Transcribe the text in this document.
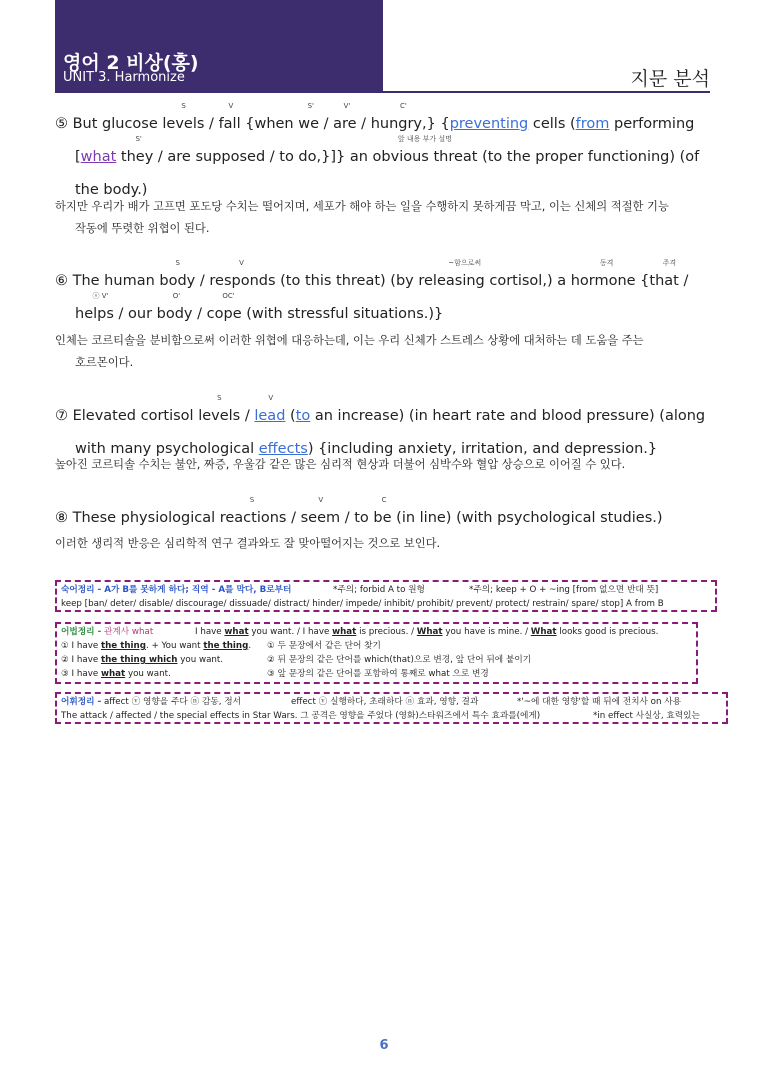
영어 2 비상(홍)
UNIT 3. Harmonize	지문 분석
⑤ But glucose
S
levels /
V
fall {when
S'
we /
V'
are /
C'
hungry,} {preventing cells (from performing
[what
S'
they / are supposed / to do,}]} an
앞 내용 부가 설명
obvious threat (to the proper functioning) (of
the body.)
하지만 우리가 배가 고프면 포도당 수치는 떨어지며, 세포가 해야 하는 일을 수행하지 못하게끔 막고, 이는 신체의 적절한 기능
작동에 뚜렷한 위협이 된다.
⑥ The human
S
body /
V
responds (to this threat) (by
~함으로써
releasing cortisol,) a
동격
hormone {
주격
that /
ⓢ V'
helps / our
O'
body /
OC'
cope (with stressful situations.)}
인체는 코르티솔을 분비함으로써 이러한 위협에 대응하는데, 이는 우리 신체가 스트레스 상황에 대처하는 데 도움을 주는
호르몬이다.
⑦ Elevated cortisol
S
levels /
V
lead (to an increase) (in heart rate and blood pressure) (along
with many psychological effects) {including anxiety, irritation, and depression.}
높아진 코르티솔 수치는 불안, 짜증, 우울감 같은 많은 심리적 현상과 더불어 심박수와 혈압 상승으로 이어질 수 있다.
⑧ These physiological
S
reactions /
V
seem / to
C
be (in line) (with psychological studies.)
이러한 생리적 반응은 심리학적 연구 결과와도 잘 맞아떨어지는 것으로 보인다.
숙어정리 - A가 B를 못하게 하다; 직역 - A를 막다, B로부터	*주의; forbid A to 원형	*주의; keep + O + ~ing [from 없으면 반대 뜻]
keep [ban/ deter/ disable/ discourage/ dissuade/ distract/ hinder/ impede/ inhibit/ prohibit/ prevent/ protect/ restrain/ spare/ stop] A from B
어법정리 - 관계사 what	I have what you want. / I have what is precious. / What you have is mine. / What looks good is precious.
① I have the thing. + You want the thing. ① 두 문장에서 같은 단어 찾기
② I have the thing which you want.	② 뒤 문장의 같은 단어를 which(that)으로 변경, 앞 단어 뒤에 붙이기
③ I have what you want.	③ 앞 문장의 같은 단어를 포함하여 통째로 what 으로 변경
어휘정리 - affect ⓥ 영향을 주다 ⓝ 감동, 정서	effect ⓥ 실행하다, 초래하다 ⓝ 효과, 영향, 결과	*'~에 대한 영향'할 때 뒤에 전치사 on 사용
The attack / affected / the special effects in Star Wars. 그 공격은 영향을 주었다 (영화)스타워즈에서 특수 효과를(에게)	*in effect 사실상, 효력있는
6
